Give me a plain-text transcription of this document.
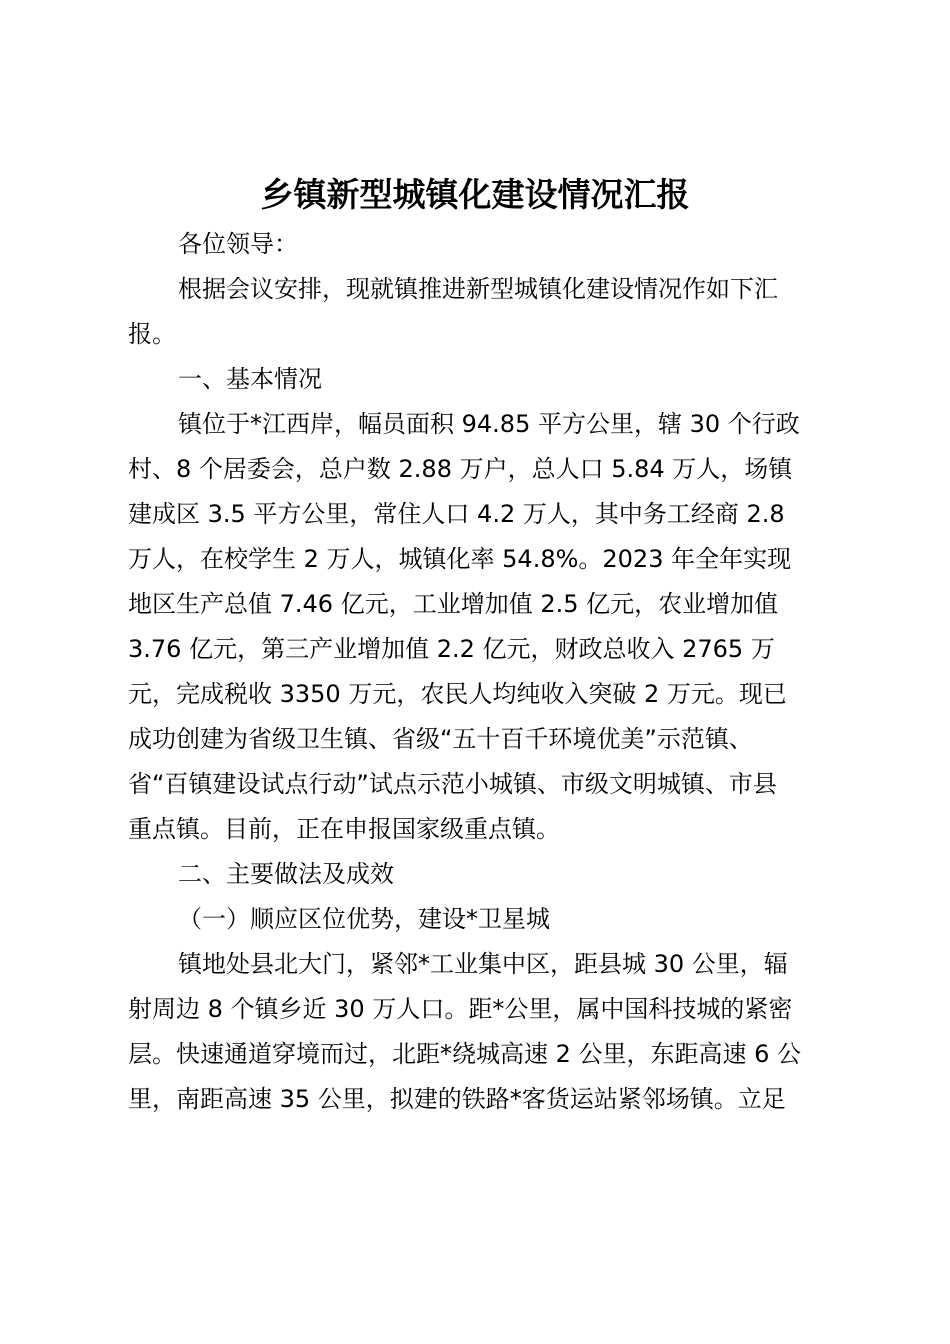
乡镇新型城镇化建设情况汇报

各位领导：

根据会议安排，现就镇推进新型城镇化建设情况作如下汇
报。

一、基本情况

镇位于*江西岸，幅员面积 94.85 平方公里，辖 30 个行政
村、8 个居委会，总户数 2.88 万户，总人口 5.84 万人，场镇
建成区 3.5 平方公里，常住人口 4.2 万人，其中务工经商 2.8
万人，在校学生 2 万人，城镇化率 54.8%。2023 年全年实现
地区生产总值 7.46 亿元，工业增加值 2.5 亿元，农业增加值
3.76 亿元，第三产业增加值 2.2 亿元，财政总收入 2765 万
元，完成税收 3350 万元，农民人均纯收入突破 2 万元。现已
成功创建为省级卫生镇、省级“五十百千环境优美”示范镇、
省“百镇建设试点行动”试点示范小城镇、市级文明城镇、市县
重点镇。目前，正在申报国家级重点镇。

二、主要做法及成效

（一）顺应区位优势，建设*卫星城

镇地处县北大门，紧邻*工业集中区，距县城 30 公里，辐
射周边 8 个镇乡近 30 万人口。距*公里，属中国科技城的紧密
层。快速通道穿境而过，北距*绕城高速 2 公里，东距高速 6 公
里，南距高速 35 公里，拟建的铁路*客货运站紧邻场镇。立足
